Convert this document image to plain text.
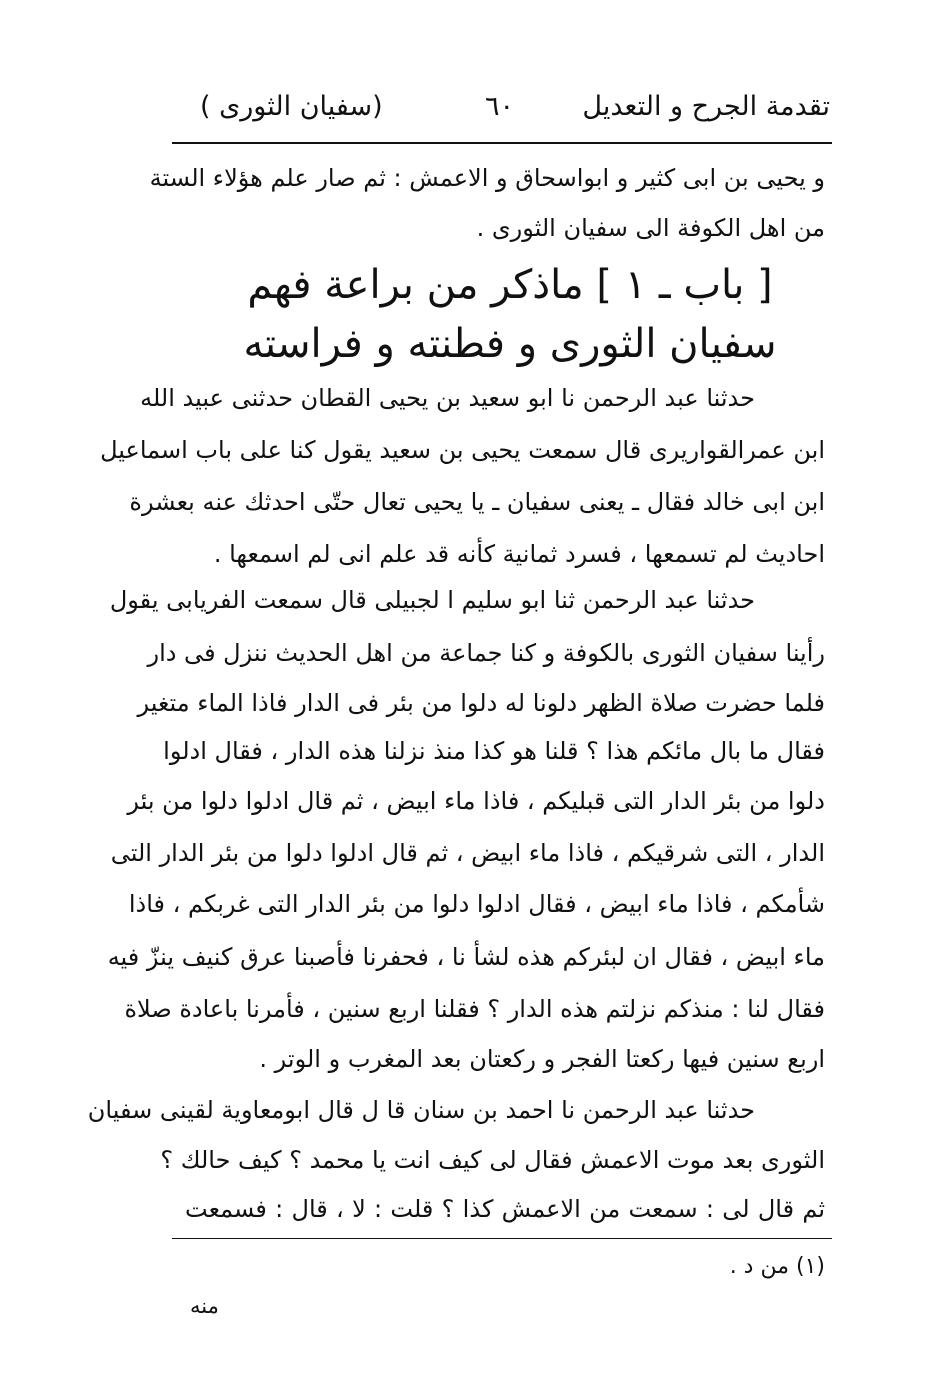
تقدمة الجرح و التعديل
٦٠
(سفيان الثورى )
و يحيى بن ابى كثير و ابواسحاق و الاعمش : ثم صار علم هؤلاء الستة
من اهل الكوفة الى سفيان الثورى .
[ باب ـ ١ ] ماذكر من براعة فهم
سفيان الثورى و فطنته و فراسته
حدثنا عبد الرحمن نا ابو سعيد بن يحيى القطان حدثنى عبيد الله
ابن عمرالقواريرى قال سمعت يحيى بن سعيد يقول كنا على باب اسماعيل
ابن ابى خالد فقال ـ يعنى سفيان ـ يا يحيى تعال حتّى احدثك عنه بعشرة
احاديث لم تسمعها ، فسرد ثمانية كأنه قد علم انى لم اسمعها .
حدثنا عبد الرحمن ثنا ابو سليم ا لجبيلى قال سمعت الفريابى يقول
رأينا سفيان الثورى بالكوفة و كنا جماعة من اهل الحديث ننزل فى دار
فلما حضرت صلاة الظهر دلونا له دلوا من بئر فى الدار فاذا الماء متغير
فقال ما بال مائكم هذا ؟ قلنا هو كذا منذ نزلنا هذه الدار ، فقال ادلوا
دلوا من بئر الدار التى قبليكم ، فاذا ماء ابيض ، ثم قال ادلوا دلوا من بئر
الدار ، التى شرقيكم ، فاذا ماء ابيض ، ثم قال ادلوا دلوا من بئر الدار التى
شأمكم ، فاذا ماء ابيض ، فقال ادلوا دلوا من بئر الدار التى غربكم ، فاذا
ماء ابيض ، فقال ان لبئركم هذه لشأ نا ، فحفرنا فأصبنا عرق كنيف ينزّ فيه
فقال لنا : منذكم نزلتم هذه الدار ؟ فقلنا اربع سنين ، فأمرنا باعادة صلاة
اربع سنين فيها ركعتا الفجر و ركعتان بعد المغرب و الوتر .
حدثنا عبد الرحمن نا احمد بن سنان قا ل قال ابومعاوية لقينى سفيان
الثورى بعد موت الاعمش فقال لى كيف انت يا محمد ؟ كيف حالك ؟
ثم قال لى : سمعت من الاعمش كذا ؟ قلت : لا ، قال : فسمعت
(١) من د .
منه
